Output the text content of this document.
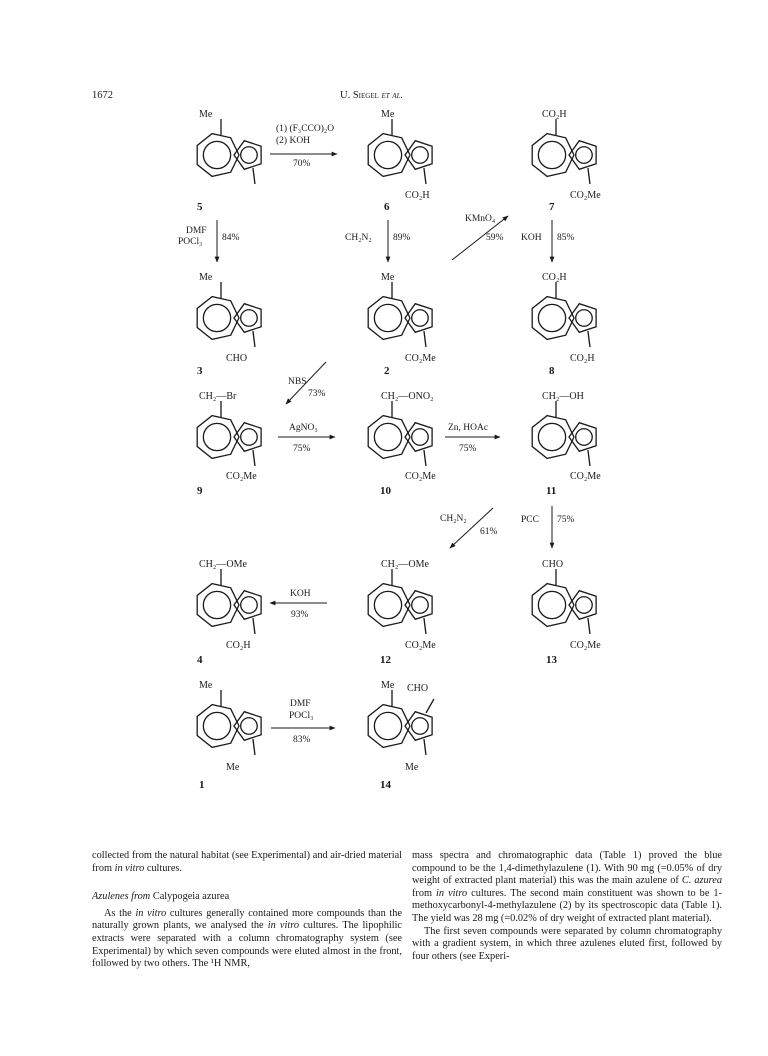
1672	U. Siegel et al.
Me	Me
CO₂H
CO₂H
CO₂Me
Me
CHO
Me
CO₂Me
CO₂H
CO₂H
CH₂—Br
CO₂Me
CH₂—ONO₂
CO₂Me
CH₂—OH
CO₂Me
CH₂—OMe
CO₂H
CH₂—OMe
CO₂Me
CHO
CO₂Me
Me
Me
Me CHO
Me
5	6	7
3	2	8
9	10	11
4	12	13
1	14
(1) (F₃CCO)₂O
(2) KOH
70%
DMF
POCl₃ 84%	CH₂N₂ 89%
KMnO₄
59% KOH 85%
NBS
73%
AgNO₃
75%
Zn, HOAc
75%
CH₂N₂
61%
PCC 75%
KOH
93%
DMF
POCl₃
83%

collected from the natural habitat (see Experimental) and air-dried material from in vitro cultures.

Azulenes from Calypogeia azurea

As the in vitro cultures generally contained more compounds than the naturally grown plants, we analysed the in vitro cultures. The lipophilic extracts were separated with a column chromatography system (see Experimental) by which seven compounds were eluted almost in the front, followed by two others. The ¹H NMR,

mass spectra and chromatographic data (Table 1) proved the blue compound to be the 1,4-dimethylazulene (1). With 90 mg (=0.05% of dry weight of extracted plant material) this was the main azulene of C. azurea from in vitro cultures. The second main constituent was shown to be 1-methoxycarbonyl-4-methylazulene (2) by its spectroscopic data (Table 1). The yield was 28 mg (=0.02% of dry weight of extracted plant material).

The first seven compounds were separated by column chromatography with a gradient system, in which three azulenes eluted first, followed by four others (see Experi-
